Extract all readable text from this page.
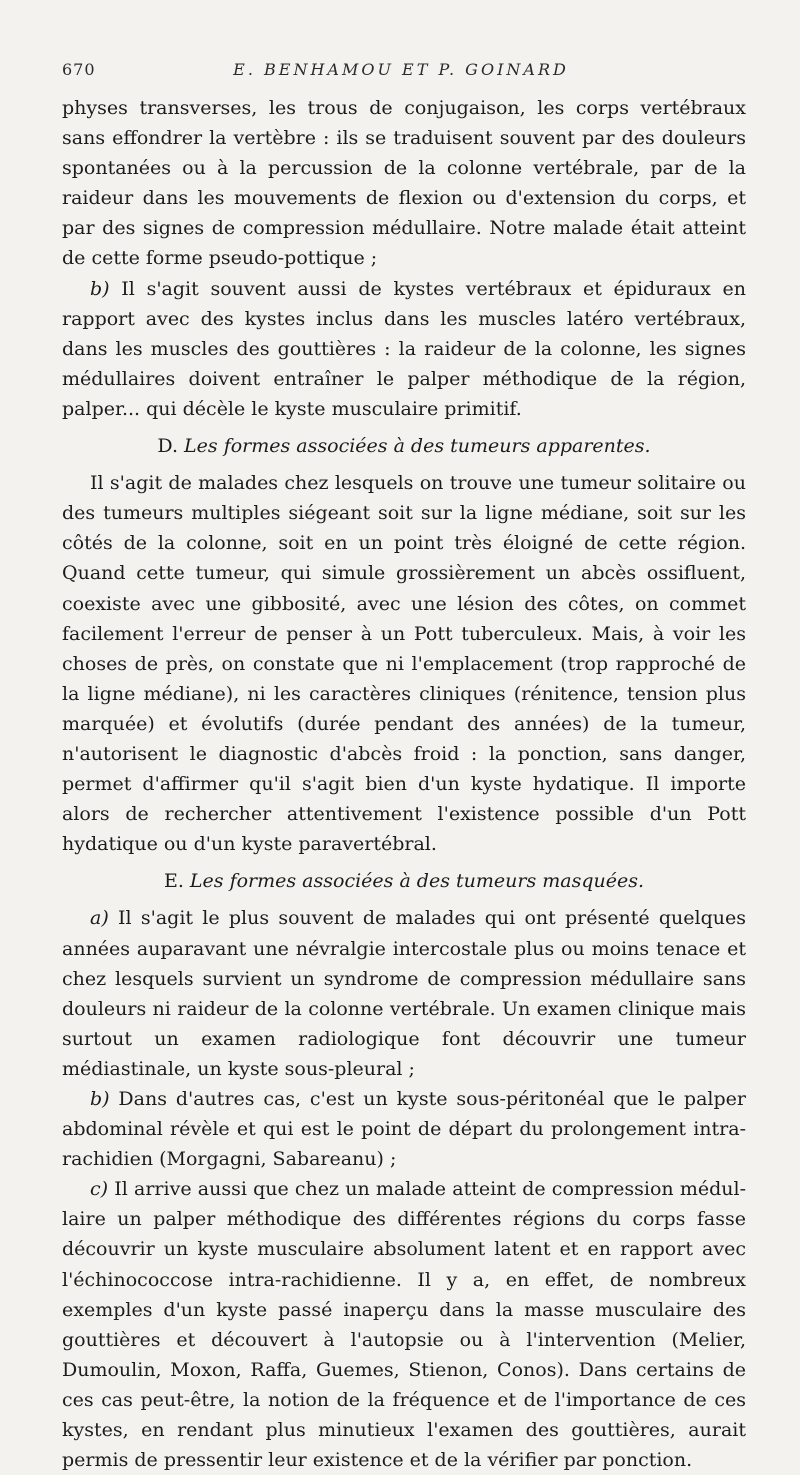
670	E. BENHAMOU ET P. GOINARD

physes transverses, les trous de conjugaison, les corps vertébraux sans effondrer la vertèbre : ils se traduisent souvent par des douleurs spontanées ou à la percussion de la colonne vertébrale, par de la raideur dans les mouvements de flexion ou d'extension du corps, et par des signes de compression médullaire. Notre malade était atteint de cette forme pseudo-pottique ;

b) Il s'agit souvent aussi de kystes vertébraux et épiduraux en rapport avec des kystes inclus dans les muscles latéro vertébraux, dans les muscles des gouttières : la raideur de la colonne, les signes médullaires doivent entraîner le palper méthodique de la région, palper... qui décèle le kyste musculaire primitif.

D. Les formes associées à des tumeurs apparentes.

Il s'agit de malades chez lesquels on trouve une tumeur solitaire ou des tumeurs multiples siégeant soit sur la ligne médiane, soit sur les côtés de la colonne, soit en un point très éloigné de cette région. Quand cette tumeur, qui simule grossièrement un abcès ossifluent, coexiste avec une gibbosité, avec une lésion des côtes, on commet facilement l'erreur de penser à un Pott tuberculeux. Mais, à voir les choses de près, on constate que ni l'emplacement (trop rapproché de la ligne médiane), ni les caractères cliniques (rénitence, tension plus marquée) et évolutifs (durée pendant des années) de la tumeur, n'autorisent le diagnostic d'abcès froid : la ponction, sans danger, permet d'affirmer qu'il s'agit bien d'un kyste hydatique. Il importe alors de rechercher attentivement l'existence possible d'un Pott hydatique ou d'un kyste paravertébral.

E. Les formes associées à des tumeurs masquées.

a) Il s'agit le plus souvent de malades qui ont présenté quelques années auparavant une névralgie intercostale plus ou moins tenace et chez lesquels survient un syndrome de compression médullaire sans douleurs ni raideur de la colonne vertébrale. Un examen clinique mais surtout un examen radiologique font découvrir une tumeur médiastinale, un kyste sous-pleural ;

b) Dans d'autres cas, c'est un kyste sous-péritonéal que le palper abdominal révèle et qui est le point de départ du prolongement intra-rachidien (Morgagni, Sabareanu) ;

c) Il arrive aussi que chez un malade atteint de compression médullaire un palper méthodique des différentes régions du corps fasse découvrir un kyste musculaire absolument latent et en rapport avec l'échinococcose intra-rachidienne. Il y a, en effet, de nombreux exemples d'un kyste passé inaperçu dans la masse musculaire des gouttières et découvert à l'autopsie ou à l'intervention (Melier, Dumoulin, Moxon, Raffa, Guemes, Stienon, Conos). Dans certains de ces cas peut-être, la notion de la fréquence et de l'importance de ces kystes, en rendant plus minutieux l'examen des gouttières, aurait permis de pressentir leur existence et de la vérifier par ponction.
